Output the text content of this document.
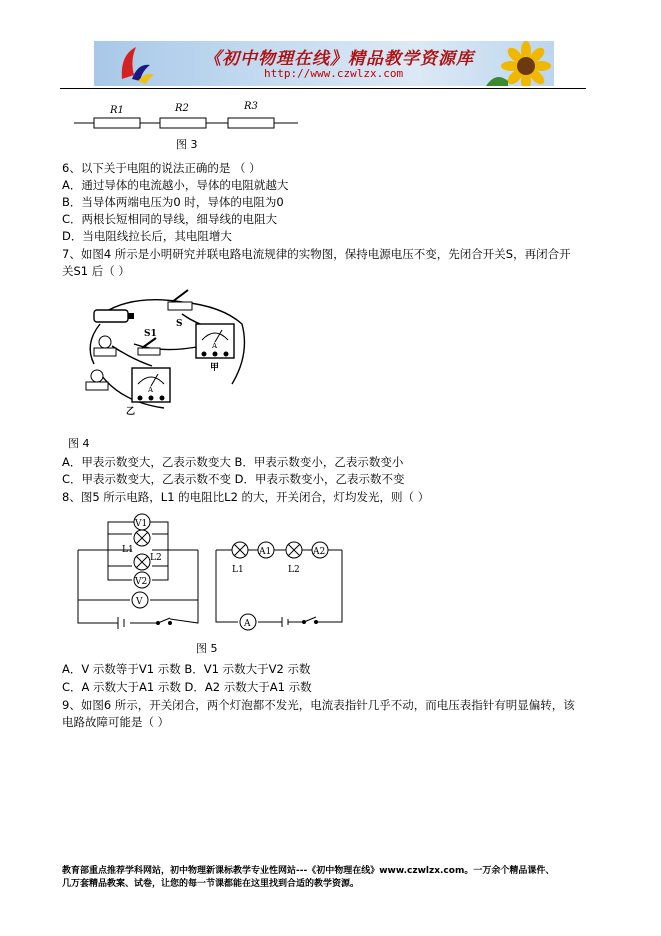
《初中物理在线》精品教学资源库
http://www.czwlzx.com
R1	R2	R3
图 3
6、以下关于电阻的说法正确的是 （ ）
A．通过导体的电流越小，导体的电阻就越大
B．当导体两端电压为0 时，导体的电阻为0
C．两根长短相同的导线，细导线的电阻大
D．当电阻线拉长后，其电阻增大
7、如图4 所示是小明研究并联电路电流规律的实物图，保持电源电压不变，先闭合开关S，再闭合开
关S1 后（ ）
S
S1
A
甲
A
乙
图 4
A．甲表示数变大，乙表示数变大 B．甲表示数变小，乙表示数变小
C．甲表示数变大，乙表示数不变 D．甲表示数变小，乙表示数不变
8、图5 所示电路，L1 的电阻比L2 的大，开关闭合，灯均发光，则（ ）
V1
L1
L2
V2
V
A1	A2
L1	L2
A
图 5
A．V 示数等于V1 示数 B．V1 示数大于V2 示数
C．A 示数大于A1 示数 D．A2 示数大于A1 示数
9、如图6 所示，开关闭合，两个灯泡都不发光，电流表指针几乎不动，而电压表指针有明显偏转，该
电路故障可能是（ ）
教育部重点推荐学科网站，初中物理新课标教学专业性网站---《初中物理在线》www.czwlzx.com。一万余个精品课件、
几万套精品教案、试卷，让您的每一节课都能在这里找到合适的教学资源。
